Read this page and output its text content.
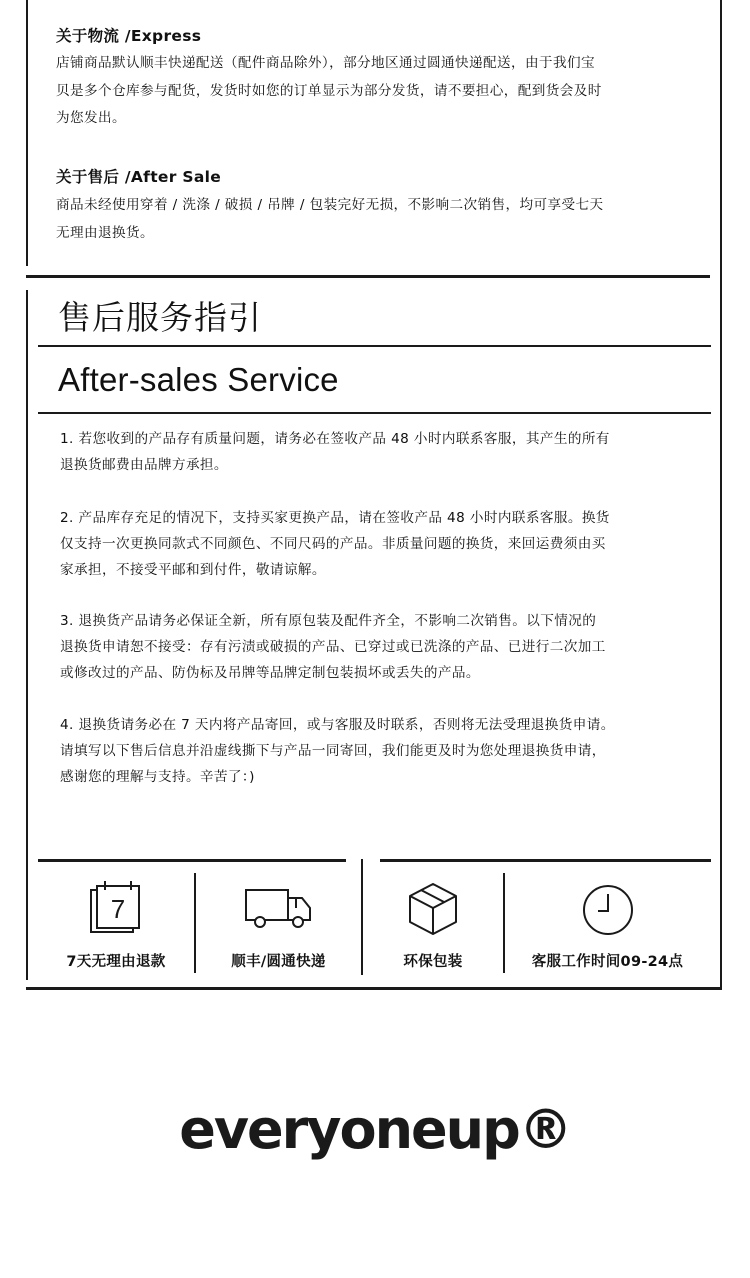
关于物流 /Express
店铺商品默认顺丰快递配送（配件商品除外），部分地区通过圆通快递配送，由于我们宝
贝是多个仓库参与配货，发货时如您的订单显示为部分发货，请不要担心，配到货会及时
为您发出。
关于售后 /After Sale
商品未经使用穿着 / 洗涤 / 破损 / 吊牌 / 包装完好无损，不影响二次销售，均可享受七天
无理由退换货。
售后服务指引
After-sales Service
1. 若您收到的产品存有质量问题，请务必在签收产品 48 小时内联系客服，其产生的所有
退换货邮费由品牌方承担。
2. 产品库存充足的情况下，支持买家更换产品，请在签收产品 48 小时内联系客服。换货
仅支持一次更换同款式不同颜色、不同尺码的产品。非质量问题的换货，来回运费须由买
家承担，不接受平邮和到付件，敬请谅解。
3. 退换货产品请务必保证全新，所有原包装及配件齐全，不影响二次销售。以下情况的
退换货申请恕不接受：存有污渍或破损的产品、已穿过或已洗涤的产品、已进行二次加工
或修改过的产品、防伪标及吊牌等品牌定制包装损坏或丢失的产品。
4. 退换货请务必在 7 天内将产品寄回，或与客服及时联系，否则将无法受理退换货申请。
请填写以下售后信息并沿虚线撕下与产品一同寄回，我们能更及时为您处理退换货申请，
感谢您的理解与支持。辛苦了：)
7
7天无理由退款	顺丰/圆通快递	环保包装	客服工作时间09-24点
everyoneup®
